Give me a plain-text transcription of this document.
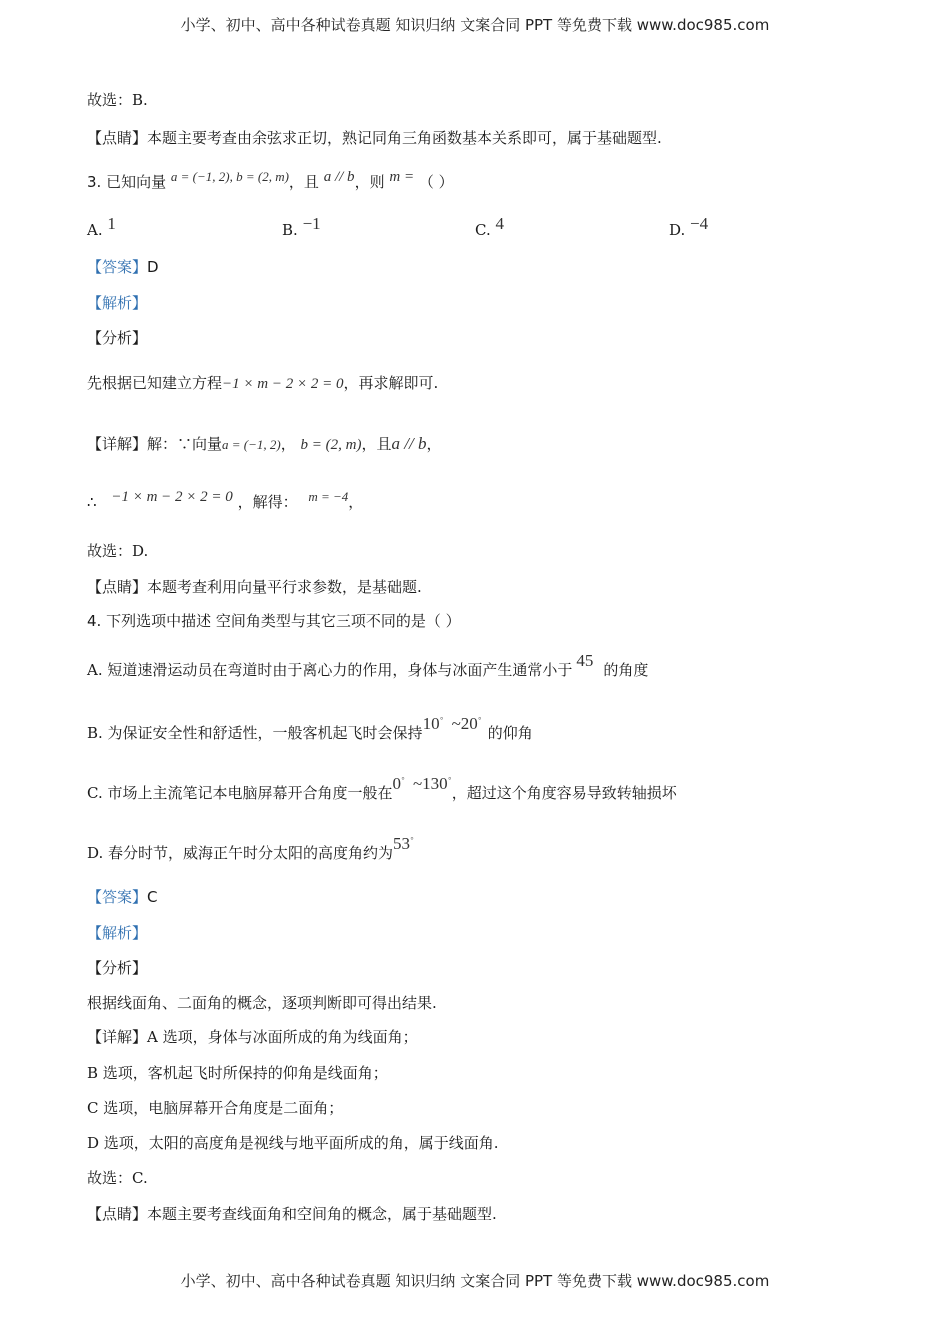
小学、初中、高中各种试卷真题 知识归纳 文案合同 PPT 等免费下载 www.doc985.com
故选：B.
【点睛】本题主要考查由余弦求正切，熟记同角三角函数基本关系即可，属于基础题型.
3. 已知向量 a = (−1, 2), b = (2, m)，且 a // b，则 m = （ ）
A. 1	B. −1	C. 4	D. −4
【答案】D
【解析】
【分析】
先根据已知建立方程−1 × m − 2 × 2 = 0，再求解即可.
【详解】解：∵向量a = (−1, 2)， b = (2, m)，且a // b，
∴ −1 × m − 2 × 2 = 0 ，解得： m = −4，
故选：D.
【点睛】本题考查利用向量平行求参数，是基础题.
4. 下列选项中描述 空间角类型与其它三项不同的是（ ）
A. 短道速滑运动员在弯道时由于离心力的作用，身体与冰面产生通常小于 45 的角度
B. 为保证安全性和舒适性，一般客机起飞时会保持10° ~20°的仰角
C. 市场上主流笔记本电脑屏幕开合角度一般在0° ~130°，超过这个角度容易导致转轴损坏
D. 春分时节，威海正午时分太阳的高度角约为53°
【答案】C
【解析】
【分析】
根据线面角、二面角的概念，逐项判断即可得出结果.
【详解】A 选项，身体与冰面所成的角为线面角；
B 选项，客机起飞时所保持的仰角是线面角；
C 选项，电脑屏幕开合角度是二面角；
D 选项，太阳的高度角是视线与地平面所成的角，属于线面角.
故选：C.
【点睛】本题主要考查线面角和空间角的概念，属于基础题型.
小学、初中、高中各种试卷真题 知识归纳 文案合同 PPT 等免费下载 www.doc985.com
